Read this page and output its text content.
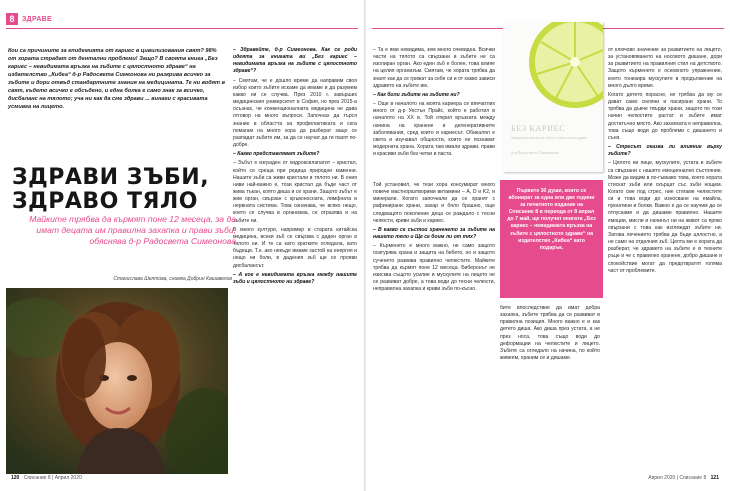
8	ЗДРАВЕ
Кои са причините за епидемията от кариес в цивилизования свят? 98% от хората страдат от дентални проблеми! Защо? В своята книга „Без кариес – невидимата връзка на зъбите с цялостното здраве“ на издателство „Кибеа“ д-р Радосвета Симеонова ни разкрива всичко за зъбите и дори отвъд стандартните знания на медицината. Те ни водят в свят, където всичко е обсъдено, и една болка е само знак за всичко, дисбаланс на тялото; уча ни как да сме здрави ... винаги с красивата усмивка на лицето.

– Здравейте, д-р Симеонова. Как се роди идеята за книгата ви „Без кариес – невидимата връзка на зъбите с цялостното здраве“?

– Смятам, че е дошло време да направим своя избор които зъбите искаме да имаме и да разумем какво ни се случва. През 2010 г. завърших медицинския университет в София, но през 2015-а осъзнах, че конвенционалната медицина не дава отговор на много въпроси. Започнах да търся знание в областта на профилактиката и сега помагам на много хора да разберат защо се разпадат зъбите им, за да се научат да ги пазят по-добре.

– Какво представляват зъбите?

– Зъбът е изграден от хидроксилапатит – кристал, който се среща при редица природни каменни. Нашите зъби са живи кристали в тялото ни. В ония ниви най-важно е, този кристал да бъде част от жива тъкан, която диша и се храни. Защото зъбът е жив орган, свързан с кръвоносната, лимфната и нервната система. Това означава, че всяко нещо, което се случва в организма, се отразява и на зъбите ни.

В много култури, например в старата китайска медицина, всеки зъб се свързва с даден орган в тялото ни. И те са като кратките огледала, като бъдещи. Т.е. ако някъде имаме застой на енергия и нещо ни боли, в дадения зъб ще се прояви дисбалансът.

– А кое е невидимата връзка между нашите зъби и цялостното ни здраве?

ЗДРАВИ ЗЪБИ,
ЗДРАВО ТЯЛО
Майките трябва да кърмят поне 12 месеца, за да имат децата им правилна захапка и прави зъби, обяснява д-р Радосвета Симеонова
Станислава Шелтова, снимка Добрин Кашавелов

– Та е ями невидима, зем много очевидна. Всички части на тялото са свързани и зъбите не са изолиран орган. Ако един зъб е болен, това влияе на целия организъм. Смятам, че хората трябва да знаят как да се грижат за себе си и от какво зависи здравето на зъбите им.

– Как боли зъбите на зъбите ни?

– Още в началото на моята кариера се впечатлих много от д-р Уестън Прайс, който е работил в началото на XX в. Той открил връзката между начина на хранене и дегенеративните заболявания, сред които и кариесът. Обикалял е света и изучавал общности, които не познават модерната храна. Хората там имали здрави, прави и красиви зъби без четки и паста.

БЕЗ КАРИЕС
невидимата връзка на зъбите с цялостното здраве
д-р Радосвета Симеонова

Той установил, че тези хора консумират много повече мастноразтворими витамини – A, D и K2, и минерали. Когато започнали да се хранят с рафинирани храни, захар и бяло брашно, още следващото поколение деца се раждало с тесни челюсти, криви зъби и кариес.

– В какво се състои храненето за зъбите на нашето тяло и Ще се боим ли от тях?

– Кърменето е много важно, не само защото осигурява храна и защита на бебето, но и защото сученето развива правилно челюстите. Майките трябва да кърмят поне 12 месеца. Биберонът не изисква същото усилие и мускулите на лицето не се развиват добре, а това води до тесни челюсти, неправилна захапка и криви зъби по-късно.

Първите 30 души, които се абонират за една или две години за печатното издание на Списание 8 в периода от 8 април до 7 май, ще получат книгата „Без кариес – невидимата връзка на зъбите с цялостното здраве“ на издателство „Кибеа“ като подарък.

бите впоследствие да имат добра захапка, зъбите трябва да се развиват в правилна позиция. Много важно е и как детето диша. Ако диша през устата, а не през носа, това също води до деформации на челюстите и лицето. Зъбите са огледало на начина, по който живеем, храним се и дишаме.

от ключово значение за развитието на лицето, за установяването на носовото дишане, дори за развитието на правилния стил на детството. Защото кърменето е основното упражнение, което тонизира мускулите в продължение на много дълго време.

Когато детето порасне, не трябва да му се дават само смляни и пасирани храни. То трябва да дъвче твърди храни, защото по този начин челюстите растат и зъбите имат достатъчно място. Ако захапката е неправилна, това също води до проблеми с дишането и съня.

– Стресът оказва ли влияние върху зъбите?

– Цялото ни лице, мускулите, устата и зъбите са свързани с нашето емоционално състояние. Може да видим в по-гъвкаво това, което хората стискат зъби или скърцат със зъби нощем. Когато сме под стрес, ние стягаме челюстите си и това води до износване на емайла, пукнатини и болки. Важно е да се научим да се отпускаме и да дишаме правилно. Нашите емоции, мисли и начинът ни на живот са пряко свързани с това как изглеждат зъбите ни. Затова лечението трябва да бъде цялостно, а не само на отделния зъб. Целта ми е хората да разберат, че здравето на зъбите е в техните ръце и че с правилно хранене, добро дишане и спокойствие могат да предотвратят голяма част от проблемите.

120 Списание 8 | Април 2020	Април 2020 | Списание 8 121
